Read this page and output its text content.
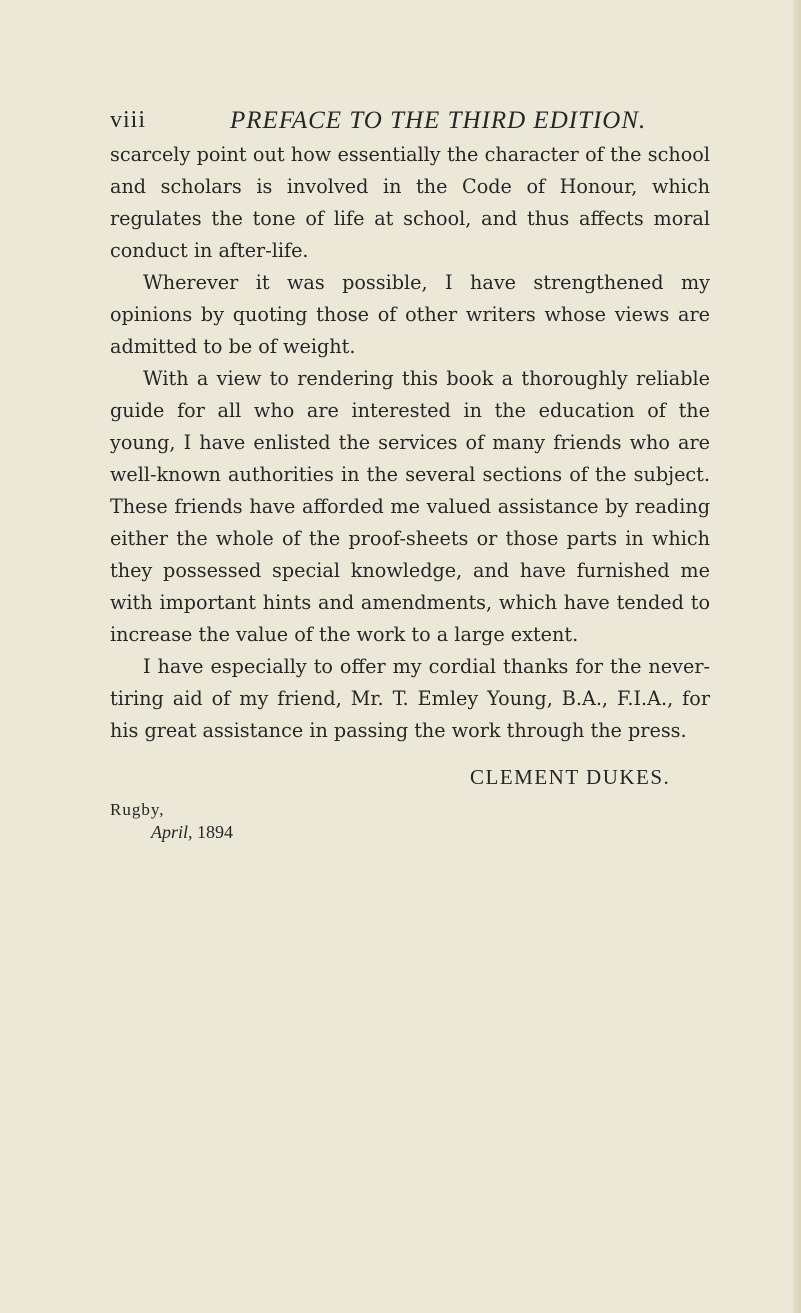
viii	PREFACE TO THE THIRD EDITION.

scarcely point out how essentially the character of the school and scholars is involved in the Code of Honour, which regulates the tone of life at school, and thus affects moral conduct in after-life.

Wherever it was possible, I have strengthened my opinions by quoting those of other writers whose views are admitted to be of weight.

With a view to rendering this book a thoroughly reliable guide for all who are interested in the education of the young, I have enlisted the services of many friends who are well-known authorities in the several sections of the subject. These friends have afforded me valued assistance by reading either the whole of the proof-sheets or those parts in which they possessed special knowledge, and have furnished me with important hints and amendments, which have tended to increase the value of the work to a large extent.

I have especially to offer my cordial thanks for the never-tiring aid of my friend, Mr. T. Emley Young, B.A., F.I.A., for his great assistance in passing the work through the press.

CLEMENT DUKES.
Rugby,
April, 1894
